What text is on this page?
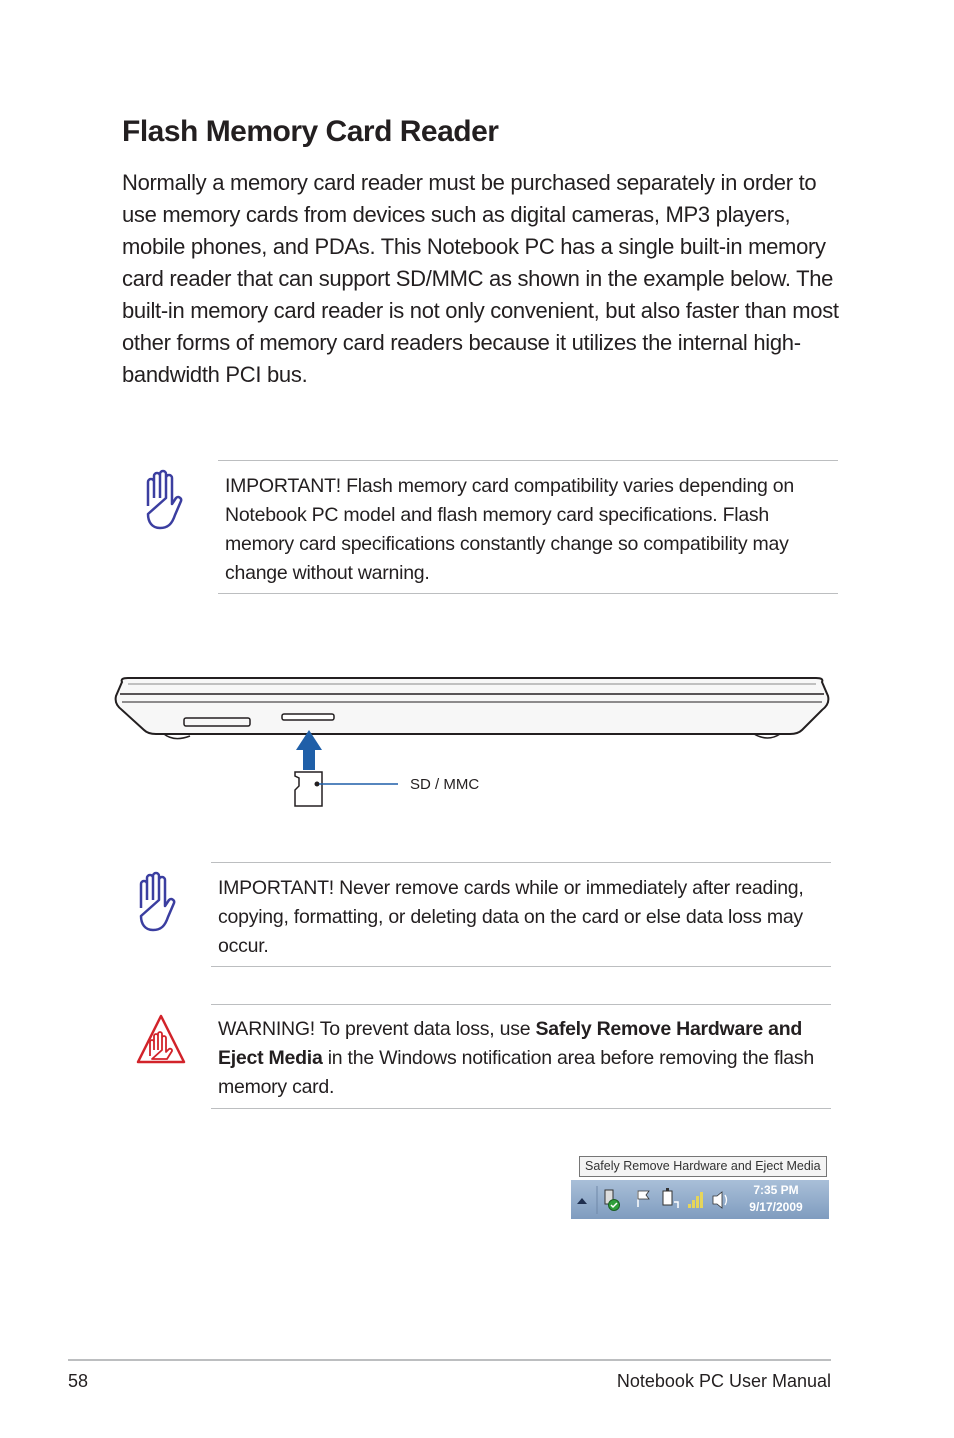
Flash Memory Card Reader

Normally a memory card reader must be purchased separately in order to use memory cards from devices such as digital cameras, MP3 players, mobile phones, and PDAs. This Notebook PC has a single built-in memory card reader that can support SD/MMC as shown in the example below. The built-in memory card reader is not only convenient, but also faster than most other forms of memory card readers because it utilizes the internal high-bandwidth PCI bus.

IMPORTANT! Flash memory card compatibility varies depending on Notebook PC model and flash memory card specifications. Flash memory card specifications constantly change so compatibility may change without warning.

SD / MMC

IMPORTANT! Never remove cards while or immediately after reading, copying, formatting, or deleting data on the card or else data loss may occur.

WARNING! To prevent data loss, use Safely Remove Hardware and Eject Media in the Windows notification area before removing the flash memory card.

Safely Remove Hardware and Eject Media
7:35 PM
9/17/2009
58	Notebook PC User Manual
